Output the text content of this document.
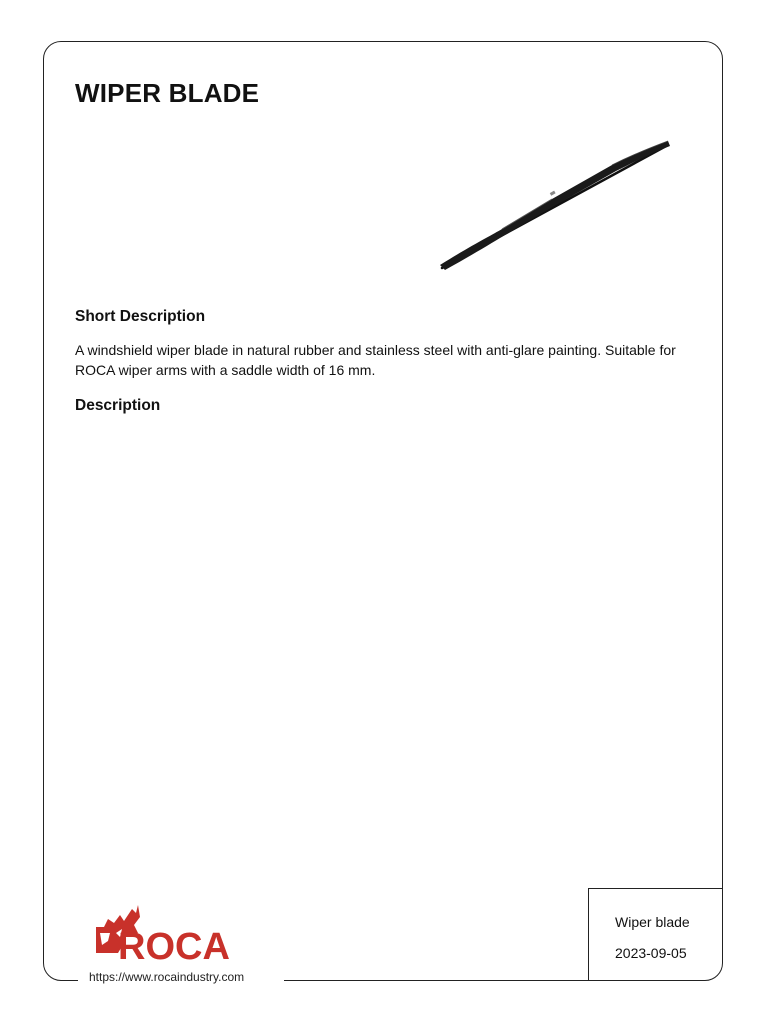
WIPER BLADE
Short Description

A windshield wiper blade in natural rubber and stainless steel with anti-glare painting. Suitable for ROCA wiper arms with a saddle width of 16 mm.

Description
ROCA
https://www.rocaindustry.com
Wiper blade
2023-09-05
